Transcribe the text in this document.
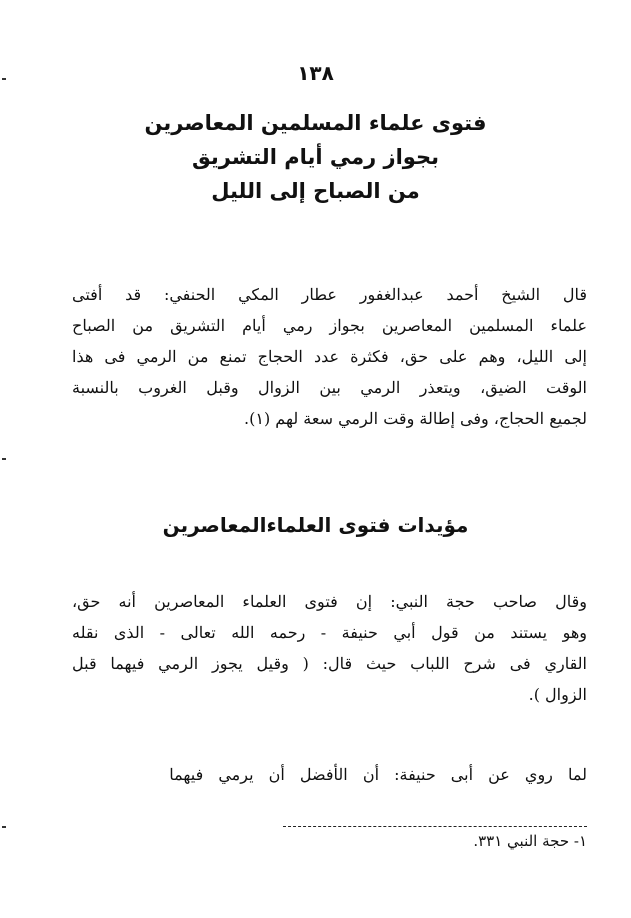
١٣٨
فتوى علماء المسلمين المعاصرين
بجواز رمي أيام التشريق
من الصباح إلى الليل
قال الشيخ أحمد عبدالغفور عطار المكي الحنفي: قد أفتى
علماء المسلمين المعاصرين بجواز رمي أيام التشريق من الصباح
إلى الليل، وهم على حق، فكثرة عدد الحجاج تمنع من الرمي فى هذا
الوقت الضيق، ويتعذر الرمي بين الزوال وقبل الغروب بالنسبة
لجميع الحجاج، وفى إطالة وقت الرمي سعة لهم (١).
مؤيدات فتوى العلماءالمعاصرين
وقال صاحب حجة النبي: إن فتوى العلماء المعاصرين أنه حق،
وهو يستند من قول أبي حنيفة - رحمه الله تعالى - الذى نقله
القاري فى شرح اللباب حيث قال: ( وقيل يجوز الرمي فيهما قبل
الزوال ).
لما روي عن أبى حنيفة: أن الأفضل أن يرمي فيهما
١- حجة النبي ٣٣١.
